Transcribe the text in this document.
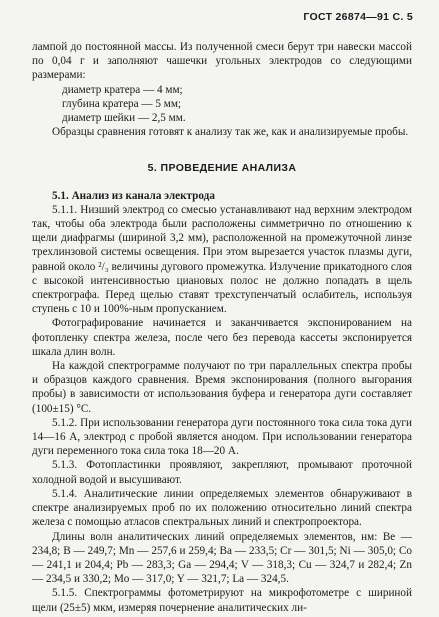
ГОСТ 26874—91 С. 5

лампой до постоянной массы. Из полученной смеси берут три навески массой по 0,04 г и заполняют чашечки угольных электродов со следующими размерами:

диаметр кратера — 4 мм;

глубина кратера — 5 мм;

диаметр шейки — 2,5 мм.

Образцы сравнения готовят к анализу так же, как и анализируемые пробы.

5. ПРОВЕДЕНИЕ АНАЛИЗА

5.1. Анализ из канала электрода

5.1.1. Низший электрод со смесью устанавливают над верхним электродом так, чтобы оба электрода были расположены симметрично по отношению к щели диафрагмы (шириной 3,2 мм), расположенной на промежуточной линзе трехлинзовой системы освещения. При этом вырезается участок плазмы дуги, равной около ²/₃ величины дугового промежутка. Излучение прикатодного слоя с высокой интенсивностью циановых полос не должно попадать в щель спектрографа. Перед щелью ставят трехступенчатый ослабитель, используя ступень с 10 и 100%-ным пропусканием.

Фотографирование начинается и заканчивается экспонированием на фотопленку спектра железа, после чего без перевода кассеты экспонируется шкала длин волн.

На каждой спектрограмме получают по три параллельных спектра пробы и образцов каждого сравнения. Время экспонирования (полного выгорания пробы) в зависимости от использования буфера и генератора дуги составляет (100±15) °С.

5.1.2. При использовании генератора дуги постоянного тока сила тока дуги 14—16 А, электрод с пробой является анодом. При использовании генератора дуги переменного тока сила тока 18—20 А.

5.1.3. Фотопластинки проявляют, закрепляют, промывают проточной холодной водой и высушивают.

5.1.4. Аналитические линии определяемых элементов обнаруживают в спектре анализируемых проб по их положению относительно линий спектра железа с помощью атласов спектральных линий и спектропроектора.

Длины волн аналитических линий определяемых элементов, нм: Be — 234,8; B — 249,7; Mn — 257,6 и 259,4; Ba — 233,5; Cr — 301,5; Ni — 305,0; Co — 241,1 и 204,4; Pb — 283,3; Ga — 294,4; V — 318,3; Cu — 324,7 и 282,4; Zn — 234,5 и 330,2; Mo — 317,0; Y — 321,7; La — 324,5.

5.1.5. Спектрограммы фотометрируют на микрофотометре с шириной щели (25±5) мкм, измеряя почернение аналитических ли-
